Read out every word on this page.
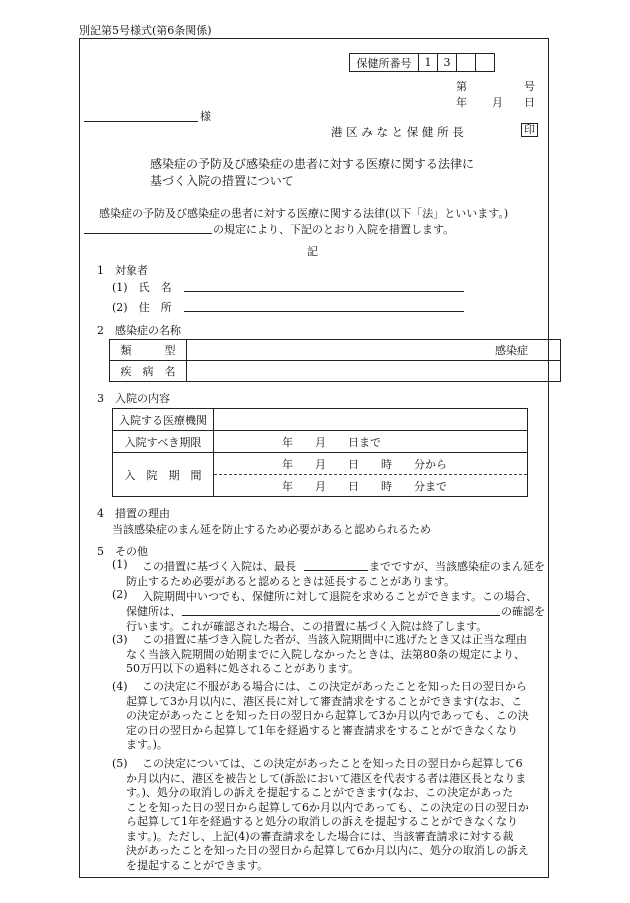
別記第5号様式(第6条関係)
保健所番号	1	3		
第	号
年 月 日
様
港 区 み な と 保 健 所 長	印
感染症の予防及び感染症の患者に対する医療に関する法律に
基づく入院の措置について
感染症の予防及び感染症の患者に対する医療に関する法律(以下「法」といいます。)
の規定により、下記のとおり入院を措置します。
記
1　対象者
(1)　氏　名
(2)　住　所
2　感染症の名称
類　　　型	感染症
疾　病　名	
3　入院の内容
入院する医療機関	
入院すべき期限	年　　月　　日まで
入　院　期　間	年　　月　　日　　時　　分から
	年　　月　　日　　時　　分まで
4　措置の理由
当該感染症のまん延を防止するため必要があると認められるため
5　その他
(1) この措置に基づく入院は、最長	までですが、当該感染症のまん延を
防止するため必要があると認めるときは延長することがあります。
(2) 入院期間中いつでも、保健所に対して退院を求めることができます。この場合、
保健所は、	の確認を
行います。これが確認された場合、この措置に基づく入院は終了します。
(3)	この措置に基づき入院した者が、当該入院期間中に逃げたとき又は正当な理由
なく当該入院期間の始期までに入院しなかったときは、法第80条の規定により、
50万円以下の過料に処されることがあります。
(4)	この決定に不服がある場合には、この決定があったことを知った日の翌日から
起算して3か月以内に、港区長に対して審査請求をすることができます(なお、こ
の決定があったことを知った日の翌日から起算して3か月以内であっても、この決
定の日の翌日から起算して1年を経過すると審査請求をすることができなくなり
ます。)。
(5)	この決定については、この決定があったことを知った日の翌日から起算して6
か月以内に、港区を被告として(訴訟において港区を代表する者は港区長となりま
す。)、処分の取消しの訴えを提起することができます(なお、この決定があった
ことを知った日の翌日から起算して6か月以内であっても、この決定の日の翌日か
ら起算して1年を経過すると処分の取消しの訴えを提起することができなくなり
ます。)。ただし、上記(4)の審査請求をした場合には、当該審査請求に対する裁
決があったことを知った日の翌日から起算して6か月以内に、処分の取消しの訴え
を提起することができます。
